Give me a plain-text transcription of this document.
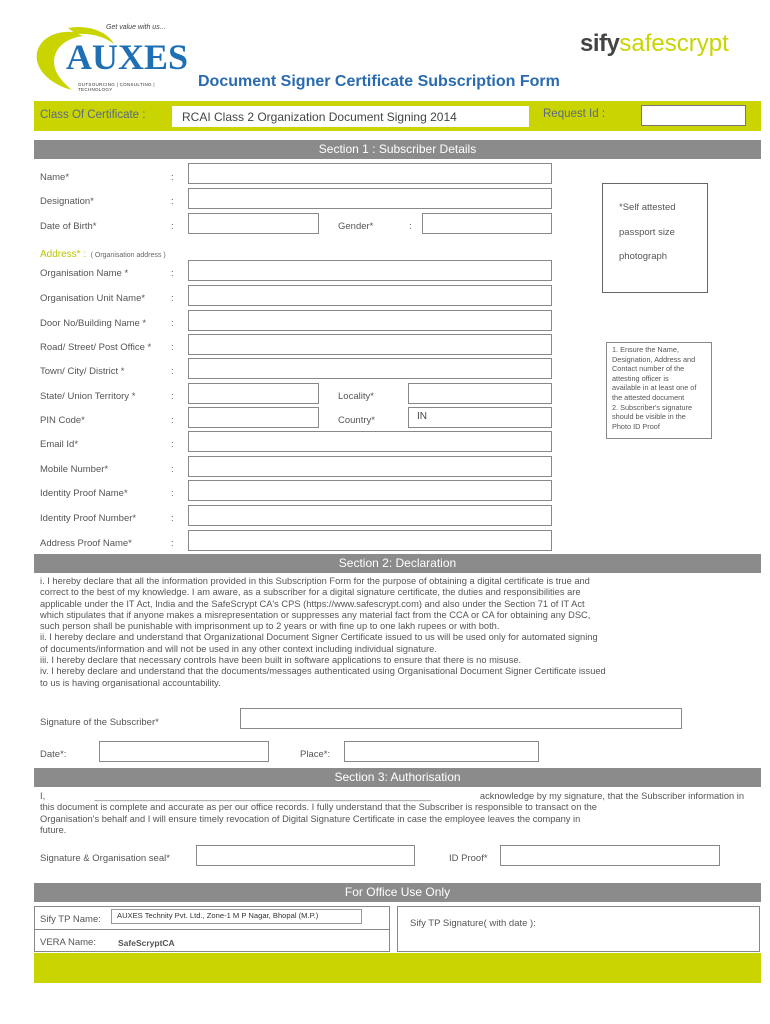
Get value with us...
AUXES
OUTSOURCING | CONSULTING | TECHNOLOGY
sifysafescrypt
Document Signer Certificate Subscription Form
Class Of Certificate :	RCAI Class 2 Organization Document Signing 2014	Request Id :
Section 1 : Subscriber Details
Name*	:
Designation*	:
Date of Birth*	:	Gender*	:
Address* : ( Organisation address )
Organisation Name *	:
Organisation Unit Name*	:
Door No/Building Name *	:
Road/ Street/ Post Office * :
Town/ City/ District *	:
State/ Union Territory *	:	Locality*
PIN Code*	:	Country*	IN
Email Id*	:
Mobile Number*	:
Identity Proof Name*	:
Identity Proof Number*	:
Address Proof Name*	:
*Self attested
passport size
photograph
1. Ensure the Name,
Designation, Address and
Contact number of the
attesting officer is
available in at least one of
the attested document
2. Subscriber's signature
should be visible in the
Photo ID Proof
Section 2: Declaration
i. I hereby declare that all the information provided in this Subscription Form for the purpose of obtaining a digital certificate is true and
correct to the best of my knowledge. I am aware, as a subscriber for a digital signature certificate, the duties and responsibilities are
applicable under the IT Act, India and the SafeScrypt CA's CPS (https://www.safescrypt.com) and also under the Section 71 of IT Act
which stipulates that if anyone makes a misrepresentation or suppresses any material fact from the CCA or CA for obtaining any DSC,
such person shall be punishable with imprisonment up to 2 years or with fine up to one lakh rupees or with both.
ii. I hereby declare and understand that Organizational Document Signer Certificate issued to us will be used only for automated signing
of documents/information and will not be used in any other context including individual signature.
iii. I hereby declare that necessary controls have been built in software applications to ensure that there is no misuse.
iv. I hereby declare and understand that the documents/messages authenticated using Organisational Document Signer Certificate issued
to us is having organisational accountability.
Signature of the Subscriber*
Date*:	Place*:
Section 3: Authorisation
I,	_________________________________________________________________	acknowledge by my signature, that the Subscriber information in
this document is complete and accurate as per our office records. I fully understand that the Subscriber is responsible to transact on the
Organisation's behalf and I will ensure timely revocation of Digital Signature Certificate in case the employee leaves the company in
future.
Signature & Organisation seal*	ID Proof*
For Office Use Only
Sify TP Name: AUXES Technity Pvt. Ltd., Zone-1 M P Nagar, Bhopal (M.P.)
VERA Name:	SafeScryptCA
Sify TP Signature( with date ):
